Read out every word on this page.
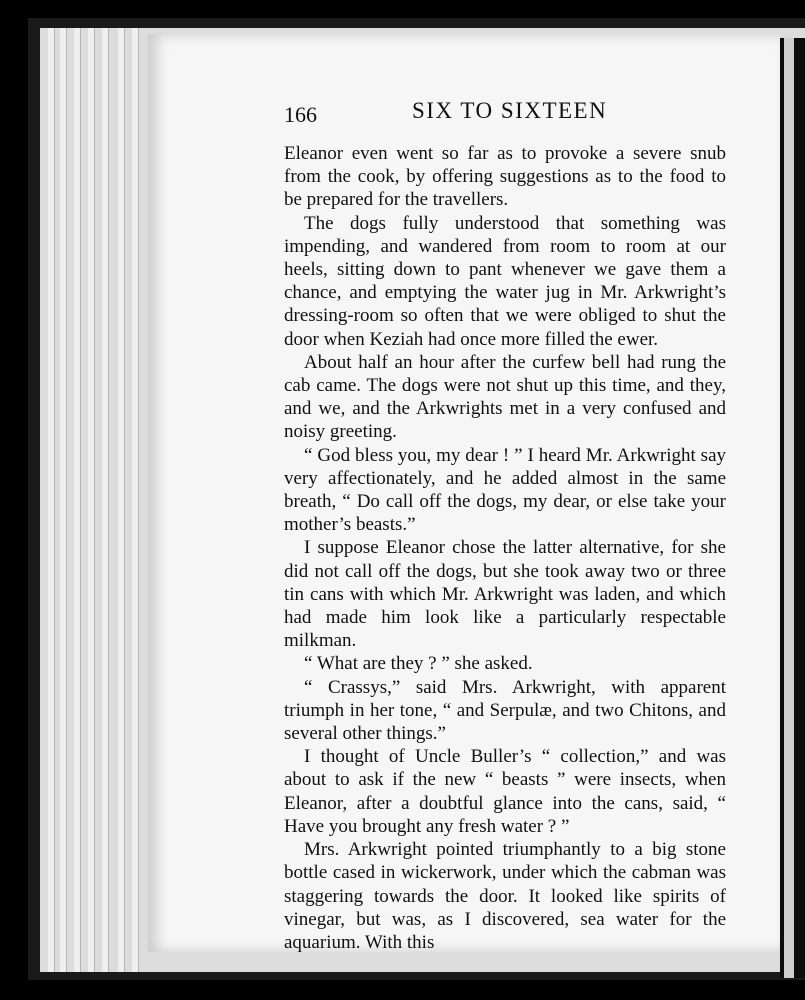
166	SIX TO SIXTEEN

Eleanor even went so far as to provoke a severe snub from the cook, by offering suggestions as to the food to be prepared for the travellers.

The dogs fully understood that something was impending, and wandered from room to room at our heels, sitting down to pant whenever we gave them a chance, and emptying the water jug in Mr. Arkwright’s dressing-room so often that we were obliged to shut the door when Keziah had once more filled the ewer.

About half an hour after the curfew bell had rung the cab came. The dogs were not shut up this time, and they, and we, and the Arkwrights met in a very confused and noisy greeting.

“ God bless you, my dear ! ” I heard Mr. Arkwright say very affectionately, and he added almost in the same breath, “ Do call off the dogs, my dear, or else take your mother’s beasts.”

I suppose Eleanor chose the latter alternative, for she did not call off the dogs, but she took away two or three tin cans with which Mr. Arkwright was laden, and which had made him look like a particularly respectable milkman.

“ What are they ? ” she asked.

“ Crassys,” said Mrs. Arkwright, with apparent triumph in her tone, “ and Serpulæ, and two Chitons, and several other things.”

I thought of Uncle Buller’s “ collection,” and was about to ask if the new “ beasts ” were insects, when Eleanor, after a doubtful glance into the cans, said, “ Have you brought any fresh water ? ”

Mrs. Arkwright pointed triumphantly to a big stone bottle cased in wickerwork, under which the cabman was staggering towards the door. It looked like spirits of vinegar, but was, as I discovered, sea water for the aquarium. With this
